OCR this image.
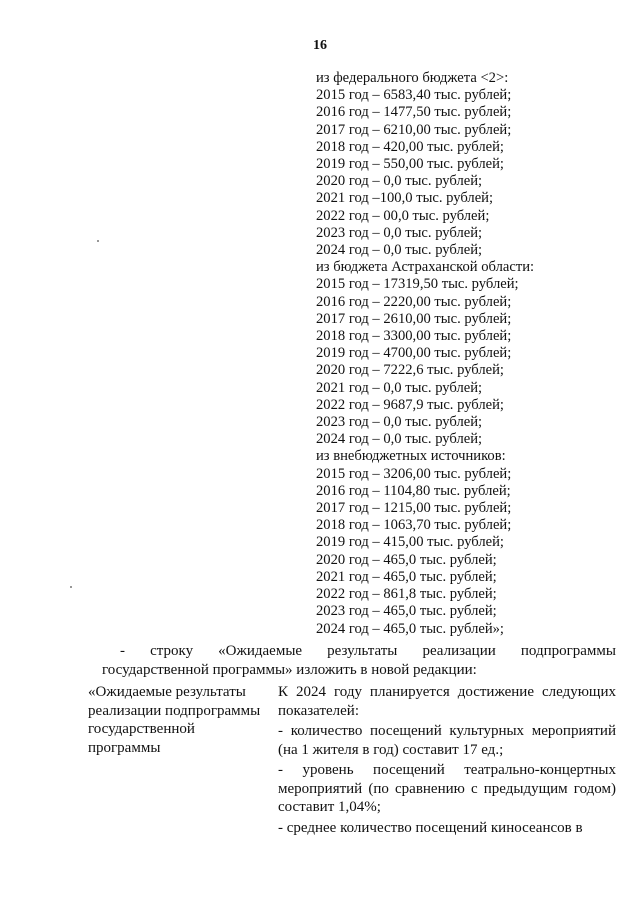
16
из федерального бюджета <2>:
2015 год – 6583,40 тыс. рублей;
2016 год – 1477,50 тыс. рублей;
2017 год – 6210,00 тыс. рублей;
2018 год – 420,00 тыс. рублей;
2019 год – 550,00 тыс. рублей;
2020 год – 0,0 тыс. рублей;
2021 год –100,0 тыс. рублей;
2022 год – 00,0 тыс. рублей;
2023 год – 0,0 тыс. рублей;
2024 год – 0,0 тыс. рублей;
из бюджета Астраханской области:
2015 год – 17319,50 тыс. рублей;
2016 год – 2220,00 тыс. рублей;
2017 год – 2610,00 тыс. рублей;
2018 год – 3300,00 тыс. рублей;
2019 год – 4700,00 тыс. рублей;
2020 год – 7222,6 тыс. рублей;
2021 год – 0,0 тыс. рублей;
2022 год – 9687,9 тыс. рублей;
2023 год – 0,0 тыс. рублей;
2024 год – 0,0 тыс. рублей;
из внебюджетных источников:
2015 год – 3206,00 тыс. рублей;
2016 год – 1104,80 тыс. рублей;
2017 год – 1215,00 тыс. рублей;
2018 год – 1063,70 тыс. рублей;
2019 год – 415,00 тыс. рублей;
2020 год – 465,0 тыс. рублей;
2021 год – 465,0 тыс. рублей;
2022 год – 861,8 тыс. рублей;
2023 год – 465,0 тыс. рублей;
2024 год – 465,0 тыс. рублей»;

- строку «Ожидаемые результаты реализации подпрограммы государственной программы» изложить в новой редакции:

«Ожидаемые результаты реализации подпрограммы государственной программы

К 2024 году планируется достижение следующих показателей:

- количество посещений культурных мероприятий (на 1 жителя в год) составит 17 ед.;

- уровень посещений театрально-концертных мероприятий (по сравнению с предыдущим годом) составит 1,04%;

- среднее количество посещений киносеансов в
